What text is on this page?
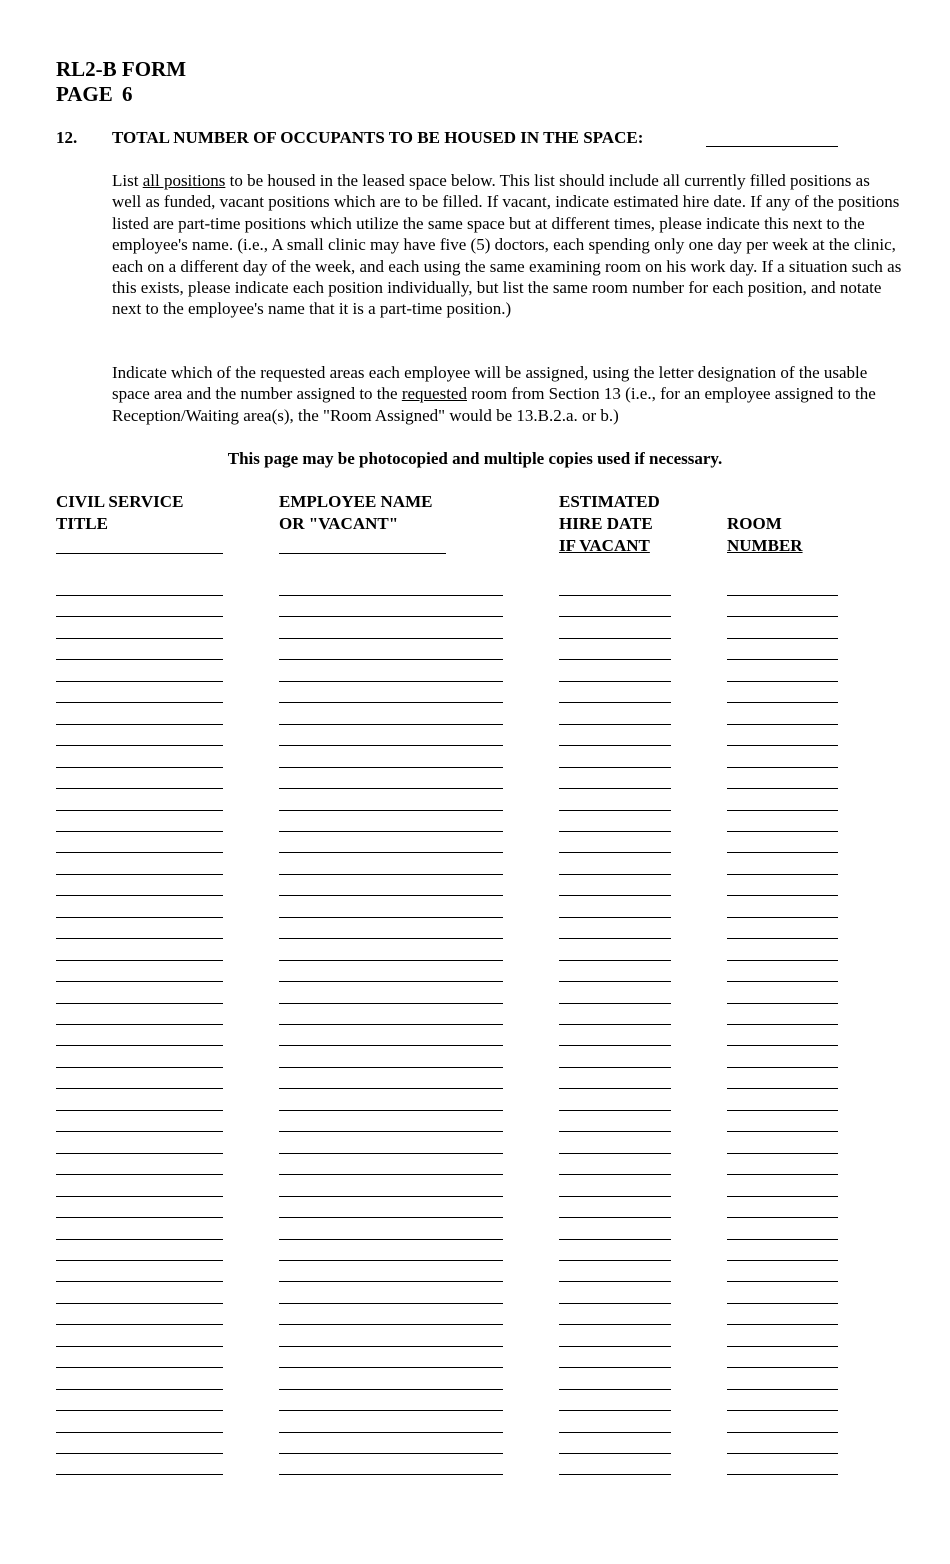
RL2-B FORM
PAGE 6
12. TOTAL NUMBER OF OCCUPANTS TO BE HOUSED IN THE SPACE:
List all positions to be housed in the leased space below. This list should include all currently filled positions as well as funded, vacant positions which are to be filled. If vacant, indicate estimated hire date. If any of the positions listed are part-time positions which utilize the same space but at different times, please indicate this next to the employee's name. (i.e., A small clinic may have five (5) doctors, each spending only one day per week at the clinic, each on a different day of the week, and each using the same examining room on his work day. If a situation such as this exists, please indicate each position individually, but list the same room number for each position, and notate next to the employee's name that it is a part-time position.)
Indicate which of the requested areas each employee will be assigned, using the letter designation of the usable space area and the number assigned to the requested room from Section 13 (i.e., for an employee assigned to the Reception/Waiting area(s), the "Room Assigned" would be 13.B.2.a. or b.)
This page may be photocopied and multiple copies used if necessary.
CIVIL SERVICE
TITLE
EMPLOYEE NAME
OR "VACANT"
ESTIMATED
HIRE DATE
IF VACANT
ROOM
NUMBER
